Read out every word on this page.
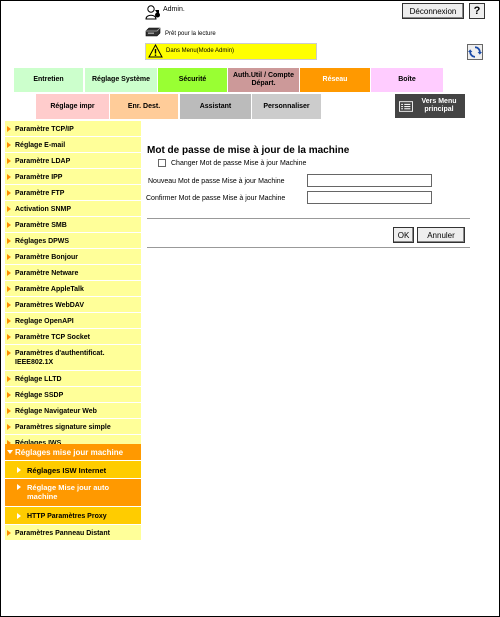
Admin.	Déconnexion	?
Prêt pour la lecture
Dans Menu(Mode Admin)
Entretien	Réglage Système	Sécurité
Auth.Util / Compte Départ.
Réseau	Boîte
Réglage impr	Enr. Dest.	Assistant	Personnaliser
Vers Menu principal
Paramètre TCP/IP
Réglage E-mail
Paramètre LDAP
Paramètre IPP
Paramètre FTP
Activation SNMP
Paramètre SMB
Réglages DPWS
Paramètre Bonjour
Paramètre Netware
Paramètre AppleTalk
Paramètres WebDAV
Reglage OpenAPI
Paramètre TCP Socket
Paramètres d'authentificat. IEEE802.1X
Réglage LLTD
Réglage SSDP
Réglage Navigateur Web
Paramètres signature simple
Réglages mise jour machine
Réglages ISW Internet
Réglage Mise jour auto machine
HTTP Paramètres Proxy
Paramètres Panneau Distant
Mot de passe de mise à jour de la machine
Changer Mot de passe Mise à jour Machine
Nouveau Mot de passe Mise à jour Machine
Confirmer Mot de passe Mise à jour Machine
OK	Annuler
